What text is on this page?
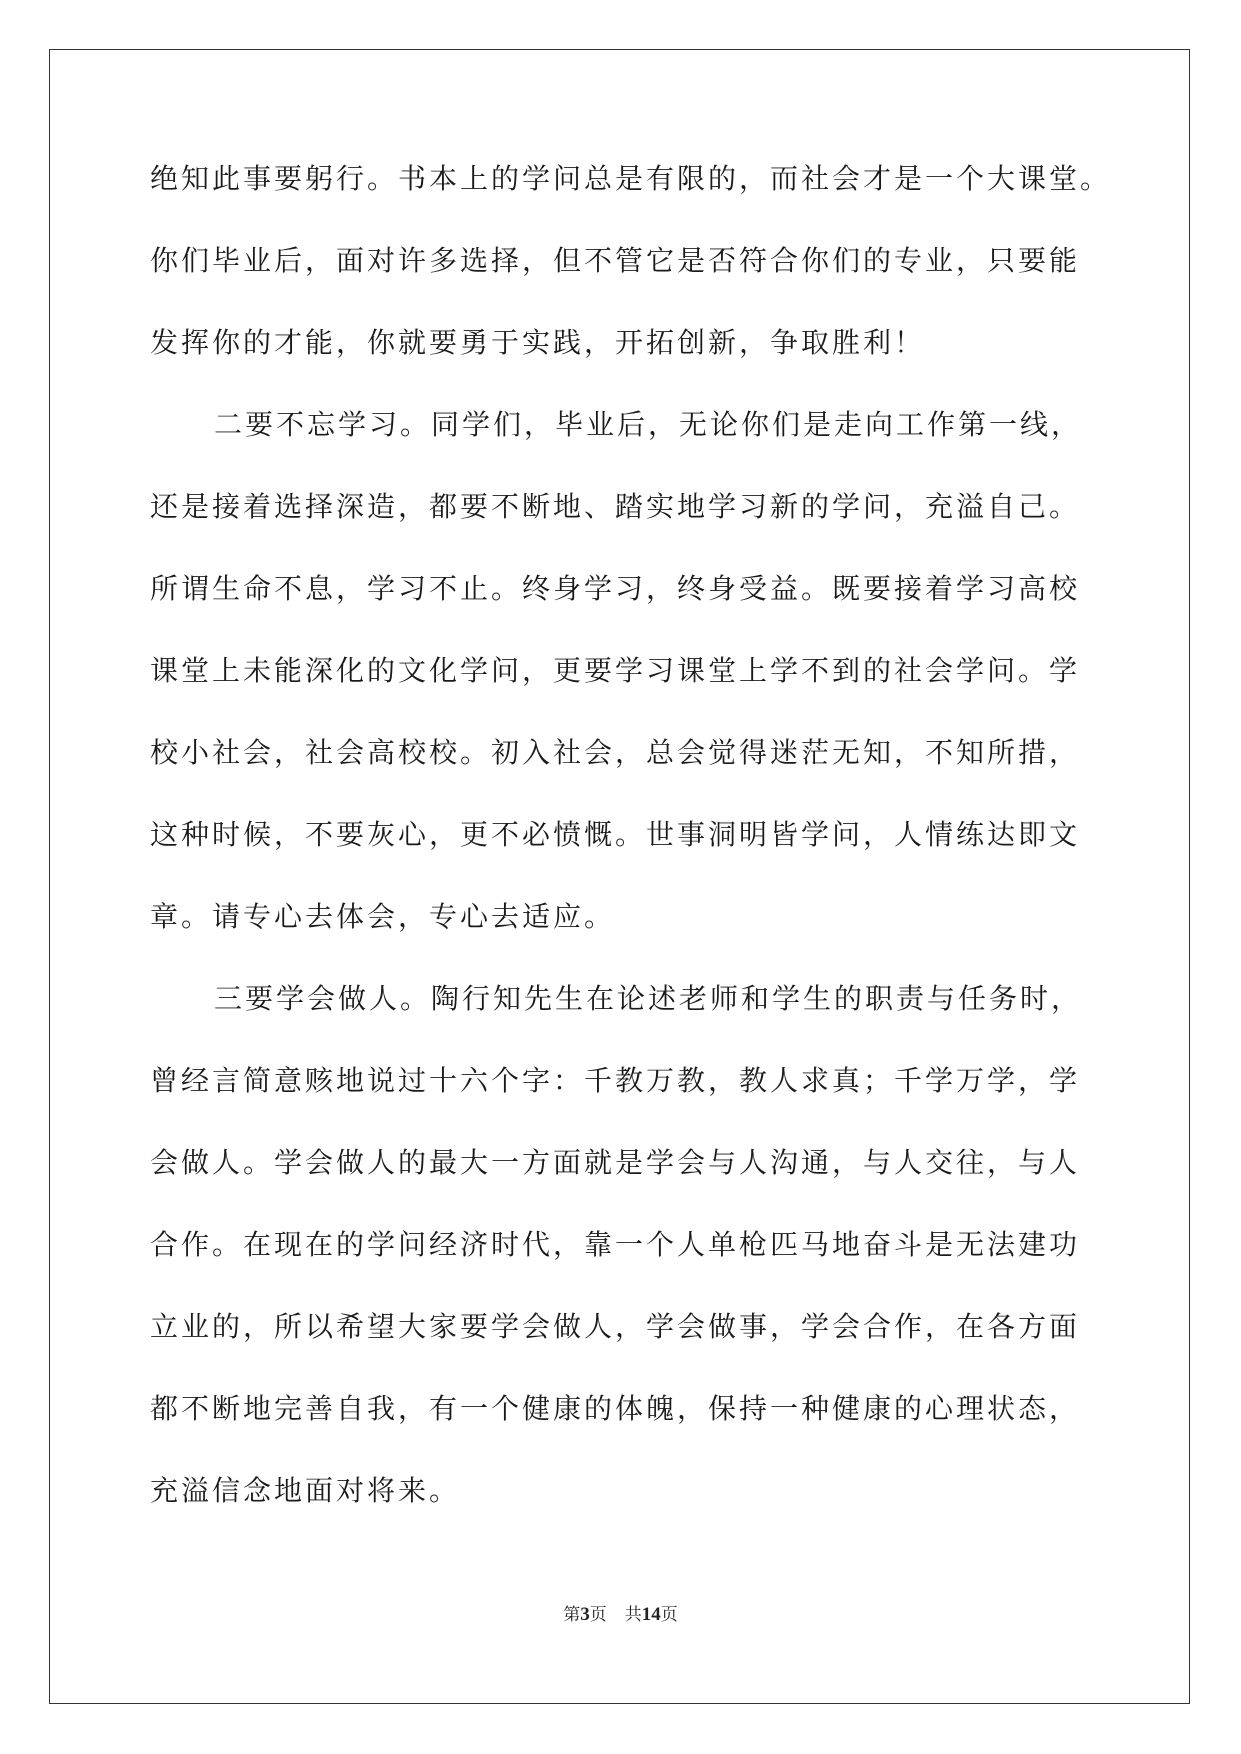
绝知此事要躬行。书本上的学问总是有限的，而社会才是一个大课堂。
你们毕业后，面对许多选择，但不管它是否符合你们的专业，只要能
发挥你的才能，你就要勇于实践，开拓创新，争取胜利！
二要不忘学习。同学们，毕业后，无论你们是走向工作第一线，
还是接着选择深造，都要不断地、踏实地学习新的学问，充溢自己。
所谓生命不息，学习不止。终身学习，终身受益。既要接着学习高校
课堂上未能深化的文化学问，更要学习课堂上学不到的社会学问。学
校小社会，社会高校校。初入社会，总会觉得迷茫无知，不知所措，
这种时候，不要灰心，更不必愤慨。世事洞明皆学问，人情练达即文
章。请专心去体会，专心去适应。
三要学会做人。陶行知先生在论述老师和学生的职责与任务时，
曾经言简意赅地说过十六个字：千教万教，教人求真；千学万学，学
会做人。学会做人的最大一方面就是学会与人沟通，与人交往，与人
合作。在现在的学问经济时代，靠一个人单枪匹马地奋斗是无法建功
立业的，所以希望大家要学会做人，学会做事，学会合作，在各方面
都不断地完善自我，有一个健康的体魄，保持一种健康的心理状态，
充溢信念地面对将来。
第3页 共14页
